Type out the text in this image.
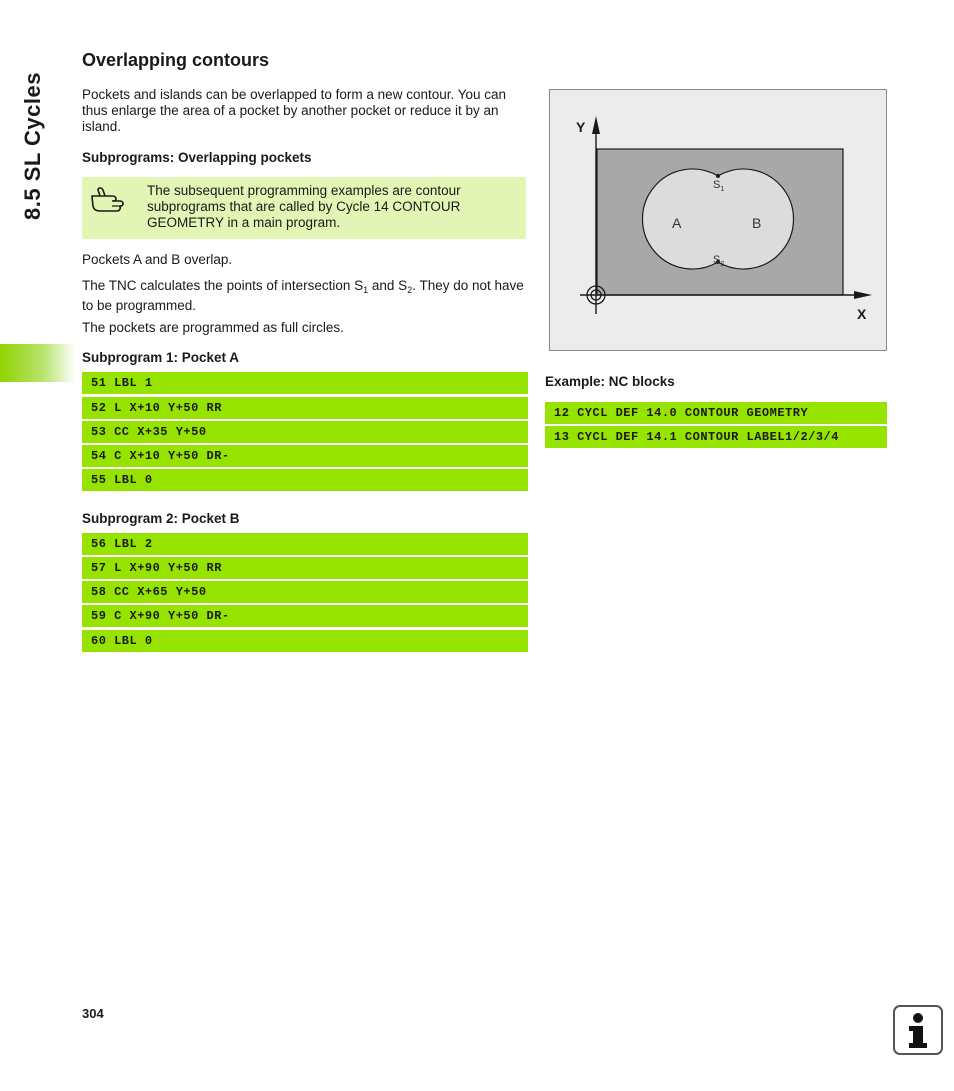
8.5 SL Cycles
Overlapping contours

Pockets and islands can be overlapped to form a new contour. You can thus enlarge the area of a pocket by another pocket or reduce it by an island.

Subprograms: Overlapping pockets
The subsequent programming examples are contour subprograms that are called by Cycle 14 CONTOUR GEOMETRY in a main program.

Pockets A and B overlap.

The TNC calculates the points of intersection $S_1$ and $S_2$. They do not have to be programmed.

The pockets are programmed as full circles.

Subprogram 1: Pocket A
51 LBL 1
52 L X+10 Y+50 RR
53 CC X+35 Y+50
54 C X+10 Y+50 DR-
55 LBL 0
Subprogram 2: Pocket B
56 LBL 2
57 L X+90 Y+50 RR
58 CC X+65 Y+50
59 C X+90 Y+50 DR-
60 LBL 0
Y
X
A	B
$S_1$
$S_2$
Example: NC blocks
12 CYCL DEF 14.0 CONTOUR GEOMETRY
13 CYCL DEF 14.1 CONTOUR LABEL1/2/3/4
304
